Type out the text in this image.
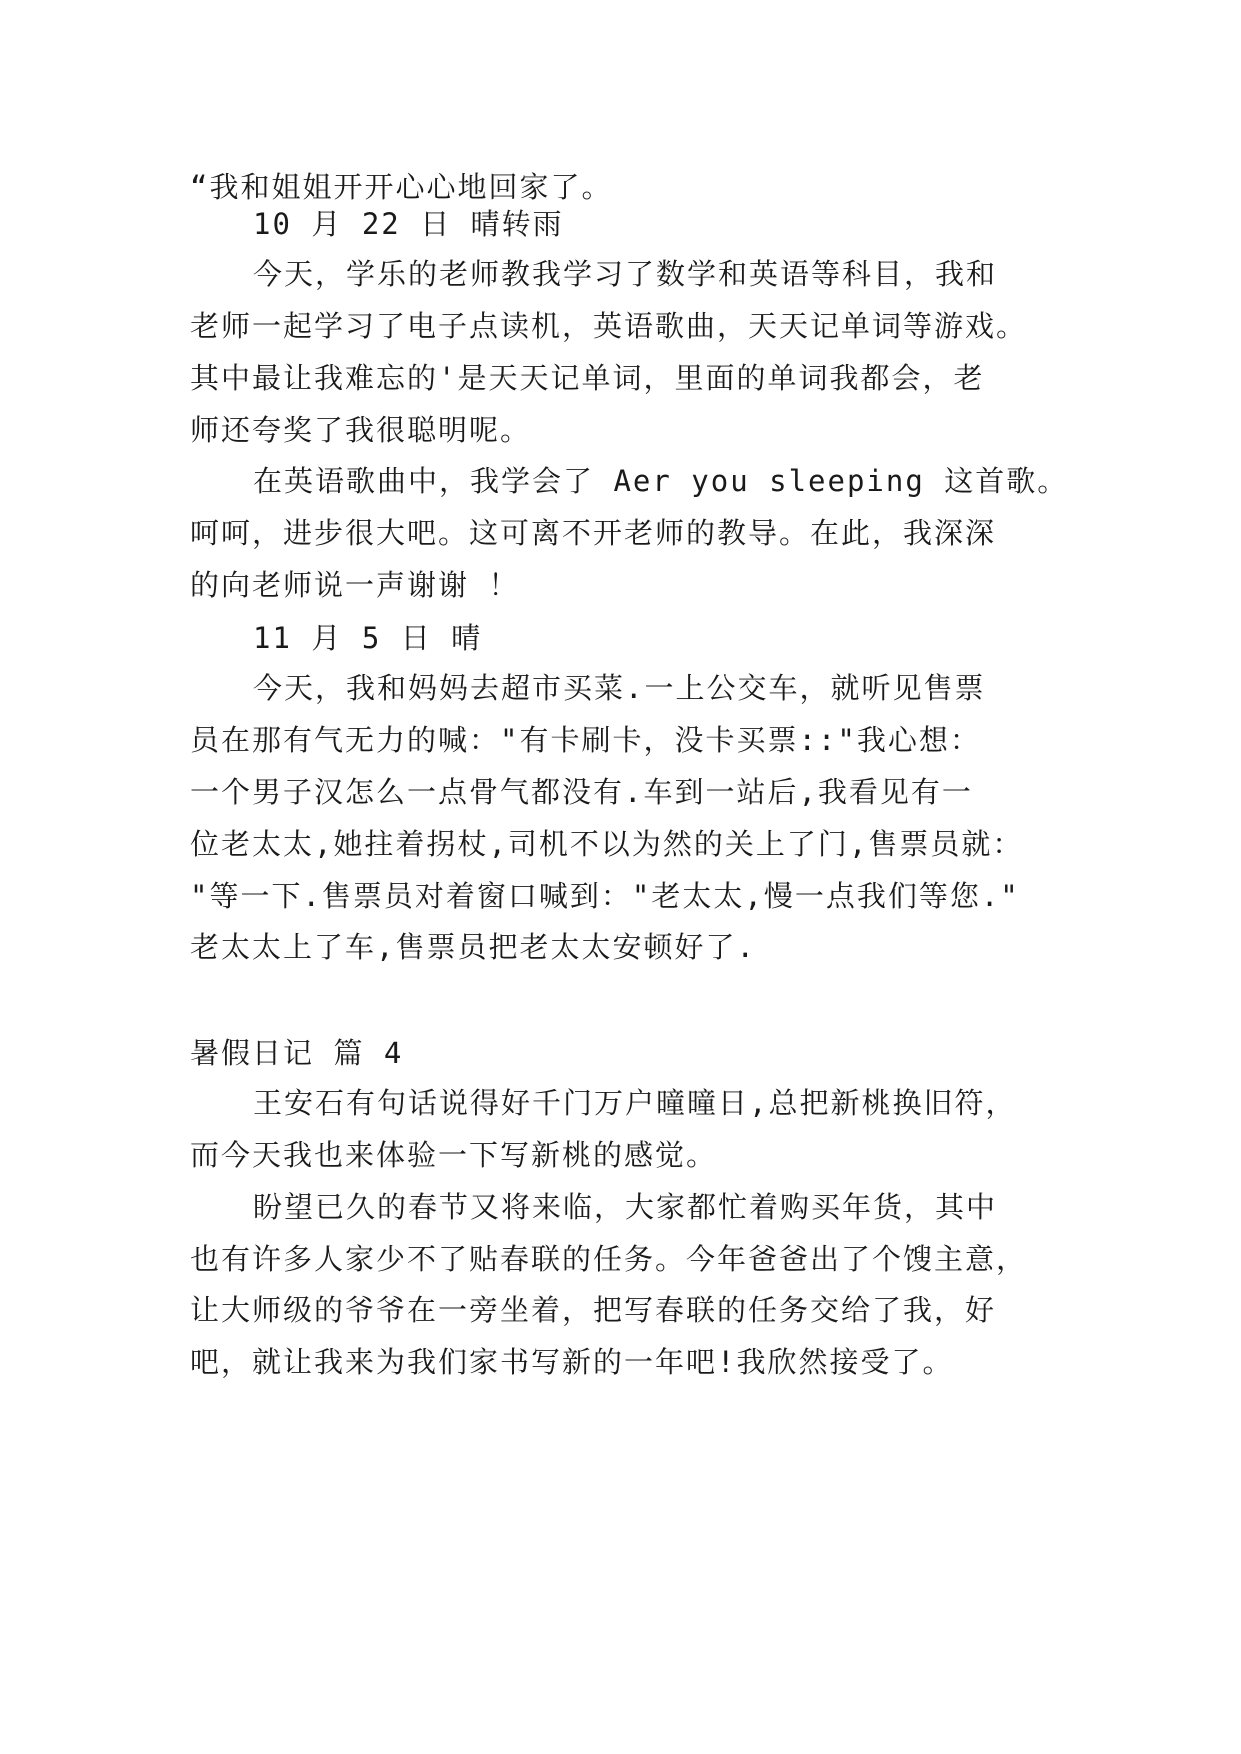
“我和姐姐开开心心地回家了。
10 月 22 日 晴转雨
今天，学乐的老师教我学习了数学和英语等科目，我和
老师一起学习了电子点读机，英语歌曲，天天记单词等游戏。
其中最让我难忘的'是天天记单词，里面的单词我都会，老
师还夸奖了我很聪明呢。
在英语歌曲中，我学会了 Aer you sleeping 这首歌。
呵呵，进步很大吧。这可离不开老师的教导。在此，我深深
的向老师说一声谢谢 ！
11 月 5 日 晴
今天，我和妈妈去超市买菜.一上公交车，就听见售票
员在那有气无力的喊："有卡刷卡，没卡买票::"我心想：
一个男子汉怎么一点骨气都没有.车到一站后,我看见有一
位老太太,她拄着拐杖,司机不以为然的关上了门,售票员就：
"等一下.售票员对着窗口喊到："老太太,慢一点我们等您."
老太太上了车,售票员把老太太安顿好了.
暑假日记 篇 4
王安石有句话说得好千门万户曈曈日,总把新桃换旧符，
而今天我也来体验一下写新桃的感觉。
盼望已久的春节又将来临，大家都忙着购买年货，其中
也有许多人家少不了贴春联的任务。今年爸爸出了个馊主意，
让大师级的爷爷在一旁坐着，把写春联的任务交给了我，好
吧，就让我来为我们家书写新的一年吧!我欣然接受了。
